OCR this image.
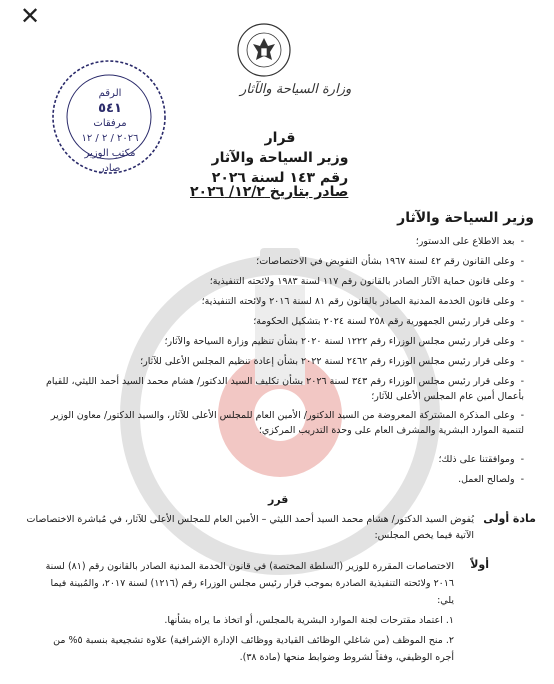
✕
وزارة السياحة والآثار
الرقم
٥٤١
مرفقات
٢٠٢٦ / ٢ / ١٢
مكتب الوزير
صادر
قرار
وزير السياحة والآثار
رقم ١٤٣ لسنة ٢٠٢٦
صادر بتاريخ ١٢/٢/ ٢٠٢٦
وزير السياحة والآثار
-بعد الاطلاع على الدستور؛
-وعلى القانون رقم ٤٢ لسنة ١٩٦٧ بشأن التفويض في الاختصاصات؛
-وعلى قانون حماية الآثار الصادر بالقانون رقم ١١٧ لسنة ١٩٨٣ ولائحته التنفيذية؛
-وعلى قانون الخدمة المدنية الصادر بالقانون رقم ٨١ لسنة ٢٠١٦ ولائحته التنفيذية؛
-وعلى قرار رئيس الجمهورية رقم ٢٥٨ لسنة ٢٠٢٤ بتشكيل الحكومة؛
-وعلى قرار رئيس مجلس الوزراء رقم ١٢٢٢ لسنة ٢٠٢٠ بشأن تنظيم وزارة السياحة والآثار؛
-وعلى قرار رئيس مجلس الوزراء رقم ٢٤٦٢ لسنة ٢٠٢٢ بشأن إعادة تنظيم المجلس الأعلى للآثار؛
-وعلى قرار رئيس مجلس الوزراء رقم ٣٤٣ لسنة ٢٠٢٦ بشأن تكليف السيد الدكتور/ هشام محمد السيد أحمد الليثي، للقيام بأعمال أمين عام المجلس الأعلى للآثار؛
-وعلى المذكرة المشتركة المعروضة من السيد الدكتور/ الأمين العام للمجلس الأعلى للآثار، والسيد الدكتور/ معاون الوزير لتنمية الموارد البشرية والمشرف العام على وحدة التدريب المركزي؛
-وموافقتنا على ذلك؛
-ولصالح العمل.
قرر
مادة أولى
يُفوض السيد الدكتور/ هشام محمد السيد أحمد الليثي – الأمين العام للمجلس الأعلى للآثار، في مُباشرة الاختصاصات الآتية فيما يخص المجلس:
أولاً
الاختصاصات المقررة للوزير (السلطة المختصة) في قانون الخدمة المدنية الصادر بالقانون رقم (٨١) لسنة ٢٠١٦ ولائحته التنفيذية الصادرة بموجب قرار رئيس مجلس الوزراء رقم (١٢١٦) لسنة ٢٠١٧، والمُبينة فيما يلي:
١. اعتماد مقترحات لجنة الموارد البشرية بالمجلس، أو اتخاذ ما يراه بشأنها.
٢. منح الموظف (من شاغلي الوظائف القيادية ووظائف الإدارة الإشرافية) علاوة تشجيعية بنسبة ٥% من أجره الوظيفي، وفقاً لشروط وضوابط منحها (مادة ٣٨).
